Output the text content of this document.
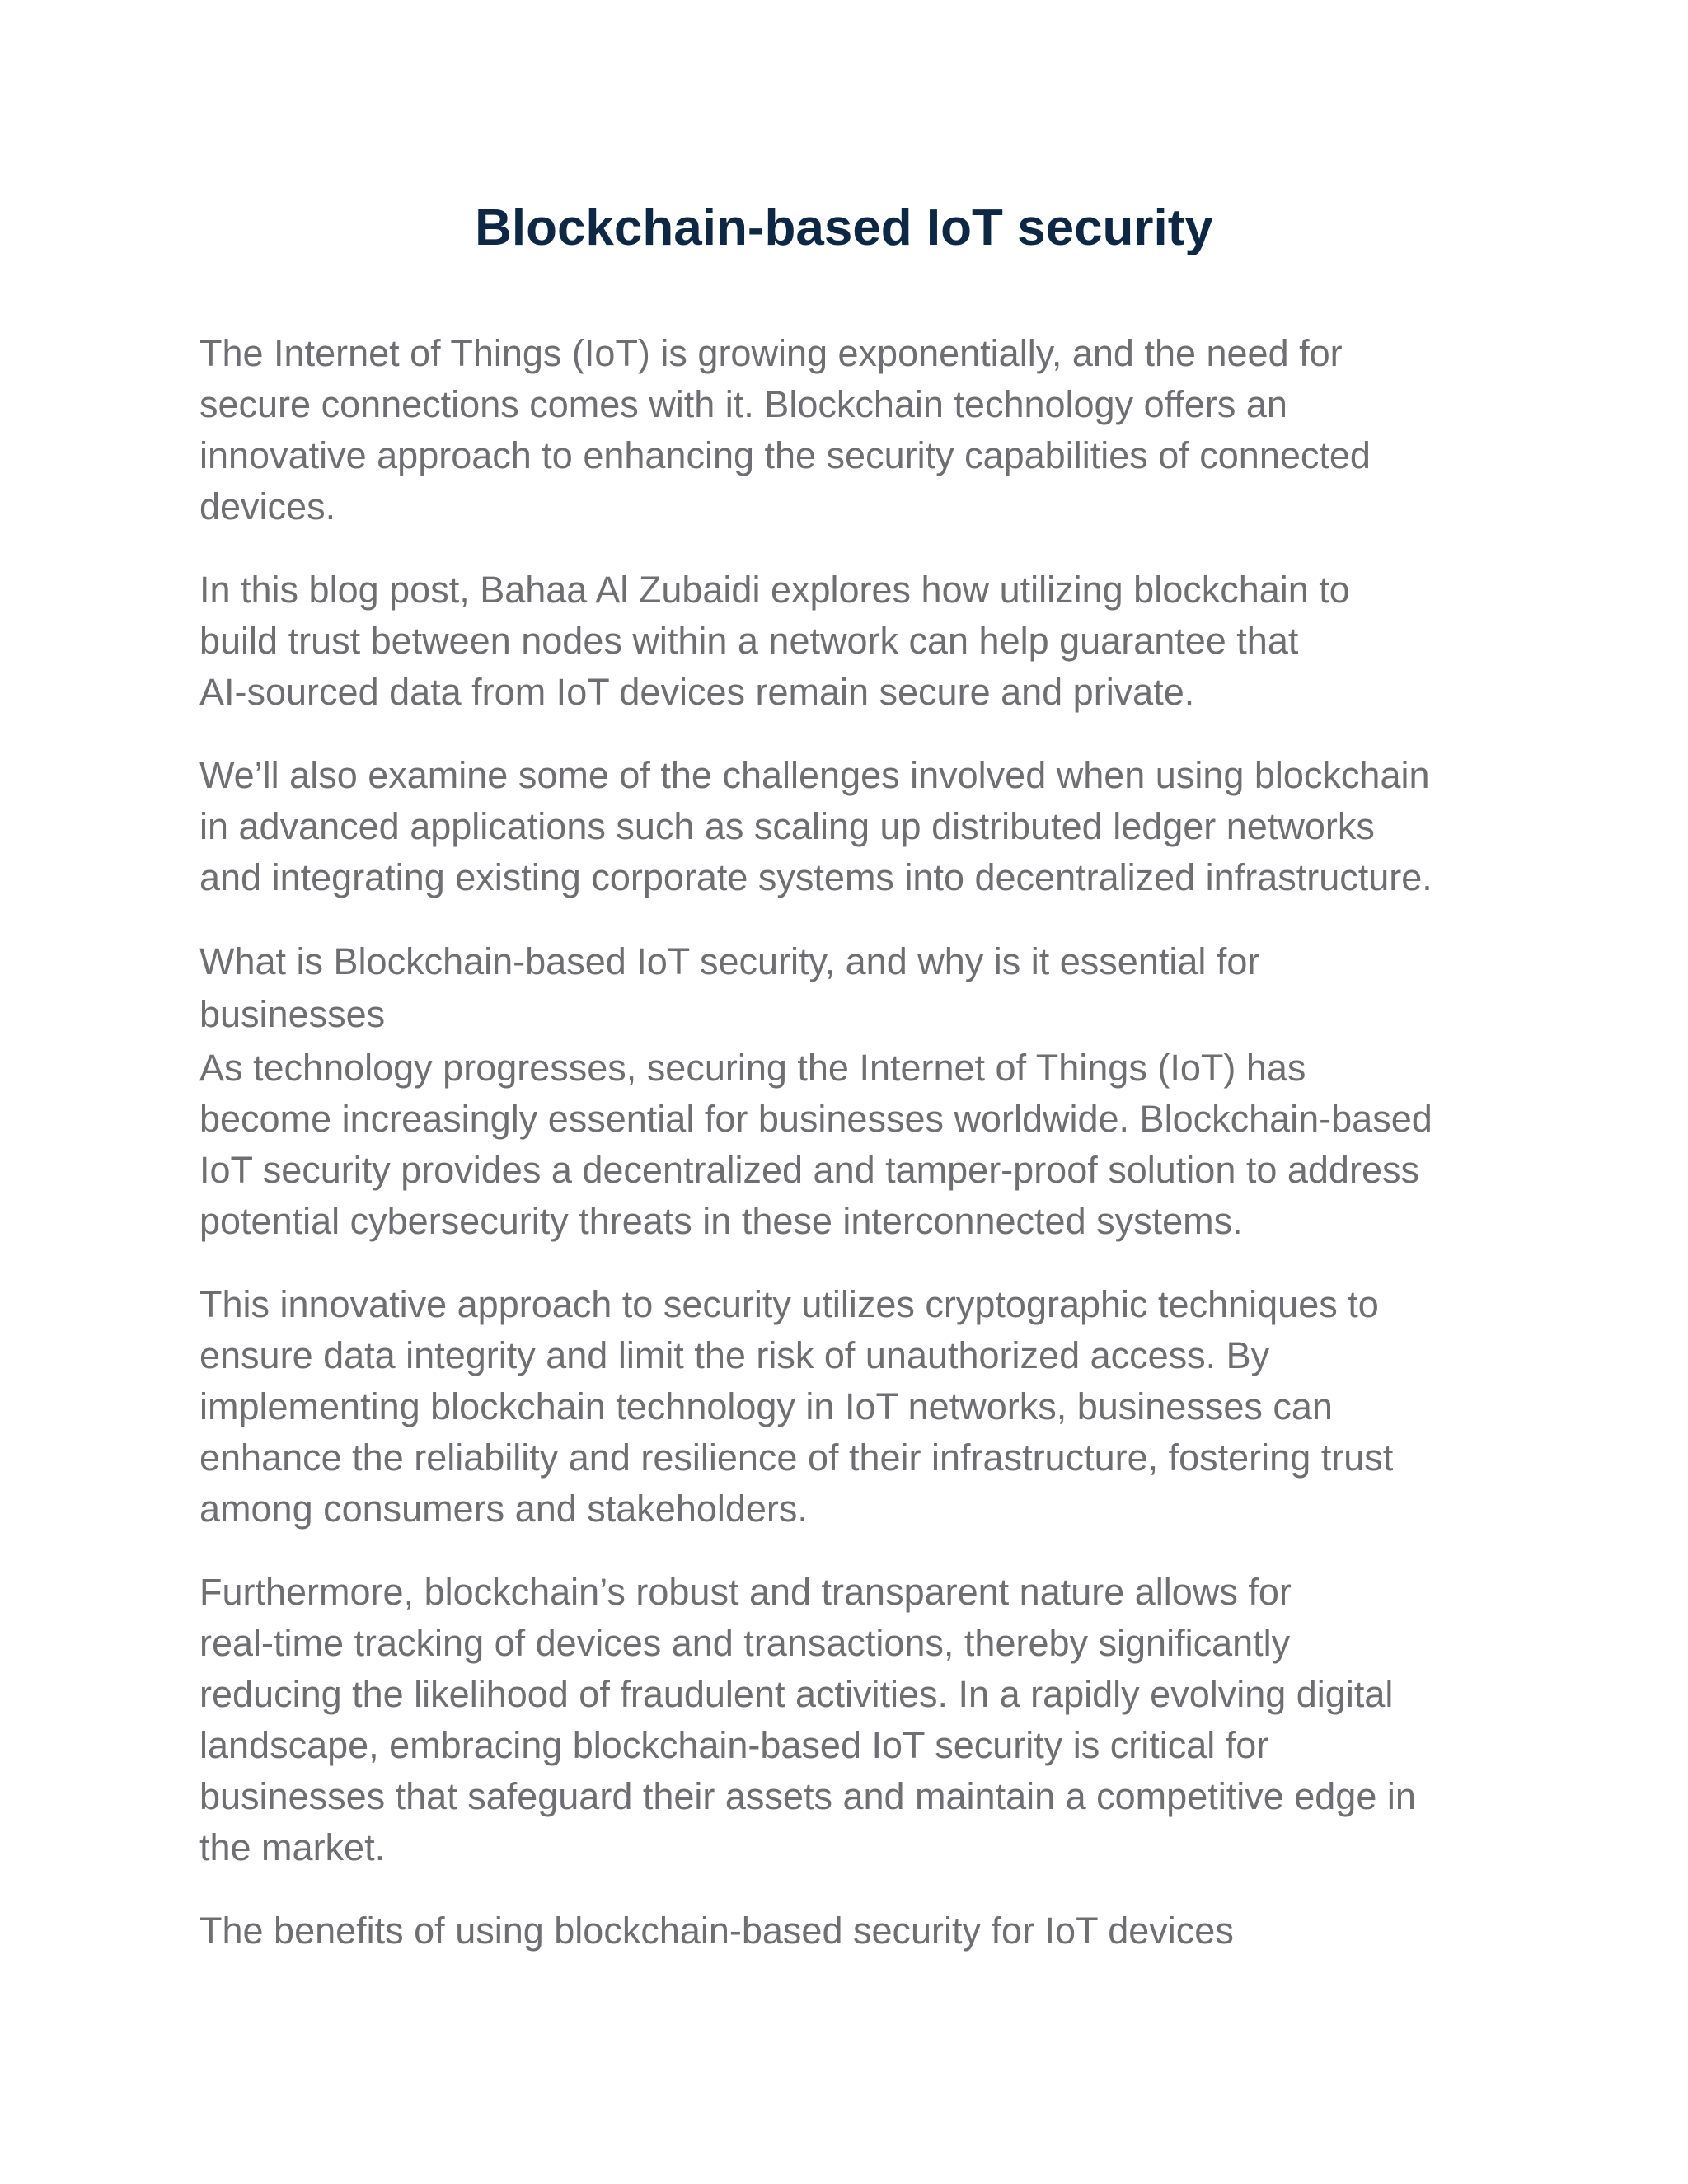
Blockchain-based IoT security

The Internet of Things (IoT) is growing exponentially, and the need for
secure connections comes with it. Blockchain technology offers an
innovative approach to enhancing the security capabilities of connected
devices.

In this blog post, Bahaa Al Zubaidi explores how utilizing blockchain to
build trust between nodes within a network can help guarantee that
AI-sourced data from IoT devices remain secure and private.

We’ll also examine some of the challenges involved when using blockchain
in advanced applications such as scaling up distributed ledger networks
and integrating existing corporate systems into decentralized infrastructure.

What is Blockchain-based IoT security, and why is it essential for
businesses

As technology progresses, securing the Internet of Things (IoT) has
become increasingly essential for businesses worldwide. Blockchain-based
IoT security provides a decentralized and tamper-proof solution to address
potential cybersecurity threats in these interconnected systems.

This innovative approach to security utilizes cryptographic techniques to
ensure data integrity and limit the risk of unauthorized access. By
implementing blockchain technology in IoT networks, businesses can
enhance the reliability and resilience of their infrastructure, fostering trust
among consumers and stakeholders.

Furthermore, blockchain’s robust and transparent nature allows for
real-time tracking of devices and transactions, thereby significantly
reducing the likelihood of fraudulent activities. In a rapidly evolving digital
landscape, embracing blockchain-based IoT security is critical for
businesses that safeguard their assets and maintain a competitive edge in
the market.

The benefits of using blockchain-based security for IoT devices
